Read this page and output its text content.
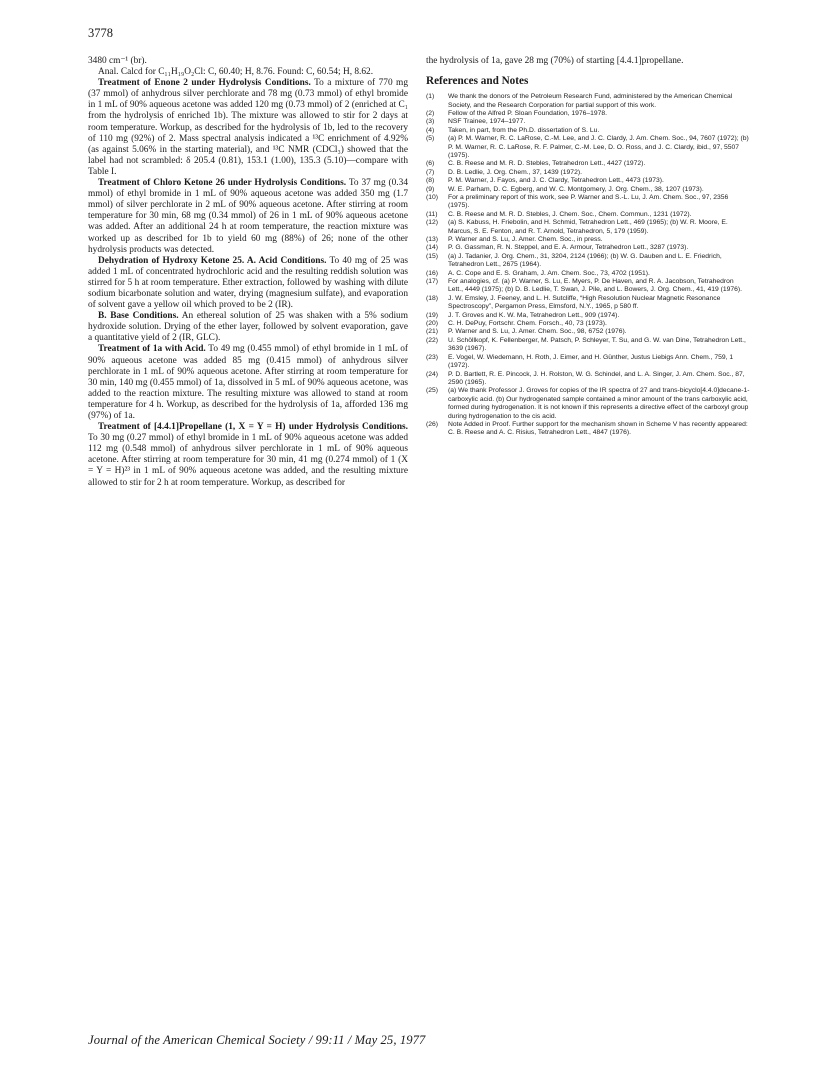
3778

3480 cm⁻¹ (br).

Anal. Calcd for C₁₁H₁₉O₂Cl: C, 60.40; H, 8.76. Found: C, 60.54; H, 8.62.

Treatment of Enone 2 under Hydrolysis Conditions. To a mixture of 770 mg (37 mmol) of anhydrous silver perchlorate and 78 mg (0.73 mmol) of ethyl bromide in 1 mL of 90% aqueous acetone was added 120 mg (0.73 mmol) of 2 (enriched at C₁ from the hydrolysis of enriched 1b). The mixture was allowed to stir for 2 days at room temperature. Workup, as described for the hydrolysis of 1b, led to the recovery of 110 mg (92%) of 2. Mass spectral analysis indicated a ¹³C enrichment of 4.92% (as against 5.06% in the starting material), and ¹³C NMR (CDCl₃) showed that the label had not scrambled: δ 205.4 (0.81), 153.1 (1.00), 135.3 (5.10)—compare with Table I.

Treatment of Chloro Ketone 26 under Hydrolysis Conditions. To 37 mg (0.34 mmol) of ethyl bromide in 1 mL of 90% aqueous acetone was added 350 mg (1.7 mmol) of silver perchlorate in 2 mL of 90% aqueous acetone. After stirring at room temperature for 30 min, 68 mg (0.34 mmol) of 26 in 1 mL of 90% aqueous acetone was added. After an additional 24 h at room temperature, the reaction mixture was worked up as described for 1b to yield 60 mg (88%) of 26; none of the other hydrolysis products was detected.

Dehydration of Hydroxy Ketone 25. A. Acid Conditions. To 40 mg of 25 was added 1 mL of concentrated hydrochloric acid and the resulting reddish solution was stirred for 5 h at room temperature. Ether extraction, followed by washing with dilute sodium bicarbonate solution and water, drying (magnesium sulfate), and evaporation of solvent gave a yellow oil which proved to be 2 (IR).

B. Base Conditions. An ethereal solution of 25 was shaken with a 5% sodium hydroxide solution. Drying of the ether layer, followed by solvent evaporation, gave a quantitative yield of 2 (IR, GLC).

Treatment of 1a with Acid. To 49 mg (0.455 mmol) of ethyl bromide in 1 mL of 90% aqueous acetone was added 85 mg (0.415 mmol) of anhydrous silver perchlorate in 1 mL of 90% aqueous acetone. After stirring at room temperature for 30 min, 140 mg (0.455 mmol) of 1a, dissolved in 5 mL of 90% aqueous acetone, was added to the reaction mixture. The resulting mixture was allowed to stand at room temperature for 4 h. Workup, as described for the hydrolysis of 1a, afforded 136 mg (97%) of 1a.

Treatment of [4.4.1]Propellane (1, X = Y = H) under Hydrolysis Conditions. To 30 mg (0.27 mmol) of ethyl bromide in 1 mL of 90% aqueous acetone was added 112 mg (0.548 mmol) of anhydrous silver perchlorate in 1 mL of 90% aqueous acetone. After stirring at room temperature for 30 min, 41 mg (0.274 mmol) of 1 (X = Y = H)²³ in 1 mL of 90% aqueous acetone was added, and the resulting mixture allowed to stir for 2 h at room temperature. Workup, as described for

the hydrolysis of 1a, gave 28 mg (70%) of starting [4.4.1]propellane.

References and Notes
(1)	We thank the donors of the Petroleum Research Fund, administered by the American Chemical Society, and the Research Corporation for partial support of this work.
(2)	Fellow of the Alfred P. Sloan Foundation, 1976–1978.
(3)	NSF Trainee, 1974–1977.
(4)	Taken, in part, from the Ph.D. dissertation of S. Lu.
(5)	(a) P. M. Warner, R. C. LaRose, C.-M. Lee, and J. C. Clardy, J. Am. Chem. Soc., 94, 7607 (1972); (b) P. M. Warner, R. C. LaRose, R. F. Palmer, C.-M. Lee, D. O. Ross, and J. C. Clardy, ibid., 97, 5507 (1975).
(6)	C. B. Reese and M. R. D. Stebles, Tetrahedron Lett., 4427 (1972).
(7)	D. B. Ledlie, J. Org. Chem., 37, 1439 (1972).
(8)	P. M. Warner, J. Fayos, and J. C. Clardy, Tetrahedron Lett., 4473 (1973).
(9)	W. E. Parham, D. C. Egberg, and W. C. Montgomery, J. Org. Chem., 38, 1207 (1973).
(10)	For a preliminary report of this work, see P. Warner and S.-L. Lu, J. Am. Chem. Soc., 97, 2356 (1975).
(11)	C. B. Reese and M. R. D. Stebles, J. Chem. Soc., Chem. Commun., 1231 (1972).
(12)	(a) S. Kabuss, H. Friebolin, and H. Schmid, Tetrahedron Lett., 469 (1965); (b) W. R. Moore, E. Marcus, S. E. Fenton, and R. T. Arnold, Tetrahedron, 5, 179 (1959).
(13)	P. Warner and S. Lu, J. Amer. Chem. Soc., in press.
(14)	P. G. Gassman, R. N. Steppel, and E. A. Armour, Tetrahedron Lett., 3287 (1973).
(15)	(a) J. Tadanier, J. Org. Chem., 31, 3204, 2124 (1966); (b) W. G. Dauben and L. E. Friedrich, Tetrahedron Lett., 2675 (1964).
(16)	A. C. Cope and E. S. Graham, J. Am. Chem. Soc., 73, 4702 (1951).
(17)	For analogies, cf. (a) P. Warner, S. Lu, E. Myers, P. De Haven, and R. A. Jacobson, Tetrahedron Lett., 4449 (1975); (b) D. B. Ledlie, T. Swan, J. Pile, and L. Bowers, J. Org. Chem., 41, 419 (1976).
(18)	J. W. Emsley, J. Feeney, and L. H. Sutcliffe, “High Resolution Nuclear Magnetic Resonance Spectroscopy”, Pergamon Press, Elmsford, N.Y., 1965, p 580 ff.
(19)	J. T. Groves and K. W. Ma, Tetrahedron Lett., 909 (1974).
(20)	C. H. DePuy, Fortschr. Chem. Forsch., 40, 73 (1973).
(21)	P. Warner and S. Lu, J. Amer. Chem. Soc., 98, 6752 (1976).
(22)	U. Schöllkopf, K. Fellenberger, M. Patsch, P. Schleyer, T. Su, and G. W. van Dine, Tetrahedron Lett., 3639 (1967).
(23)	E. Vogel, W. Wiedemann, H. Roth, J. Eimer, and H. Günther, Justus Liebigs Ann. Chem., 759, 1 (1972).
(24)	P. D. Bartlett, R. E. Pincock, J. H. Rolston, W. G. Schindel, and L. A. Singer, J. Am. Chem. Soc., 87, 2590 (1965).
(25)	(a) We thank Professor J. Groves for copies of the IR spectra of 27 and trans-bicyclo[4.4.0]decane-1-carboxylic acid. (b) Our hydrogenated sample contained a minor amount of the trans carboxylic acid, formed during hydrogenation. It is not known if this represents a directive effect of the carboxyl group during hydrogenation to the cis acid.
(26)	Note Added in Proof. Further support for the mechanism shown in Scheme V has recently appeared: C. B. Reese and A. C. Risius, Tetrahedron Lett., 4847 (1976).
Journal of the American Chemical Society / 99:11 / May 25, 1977
